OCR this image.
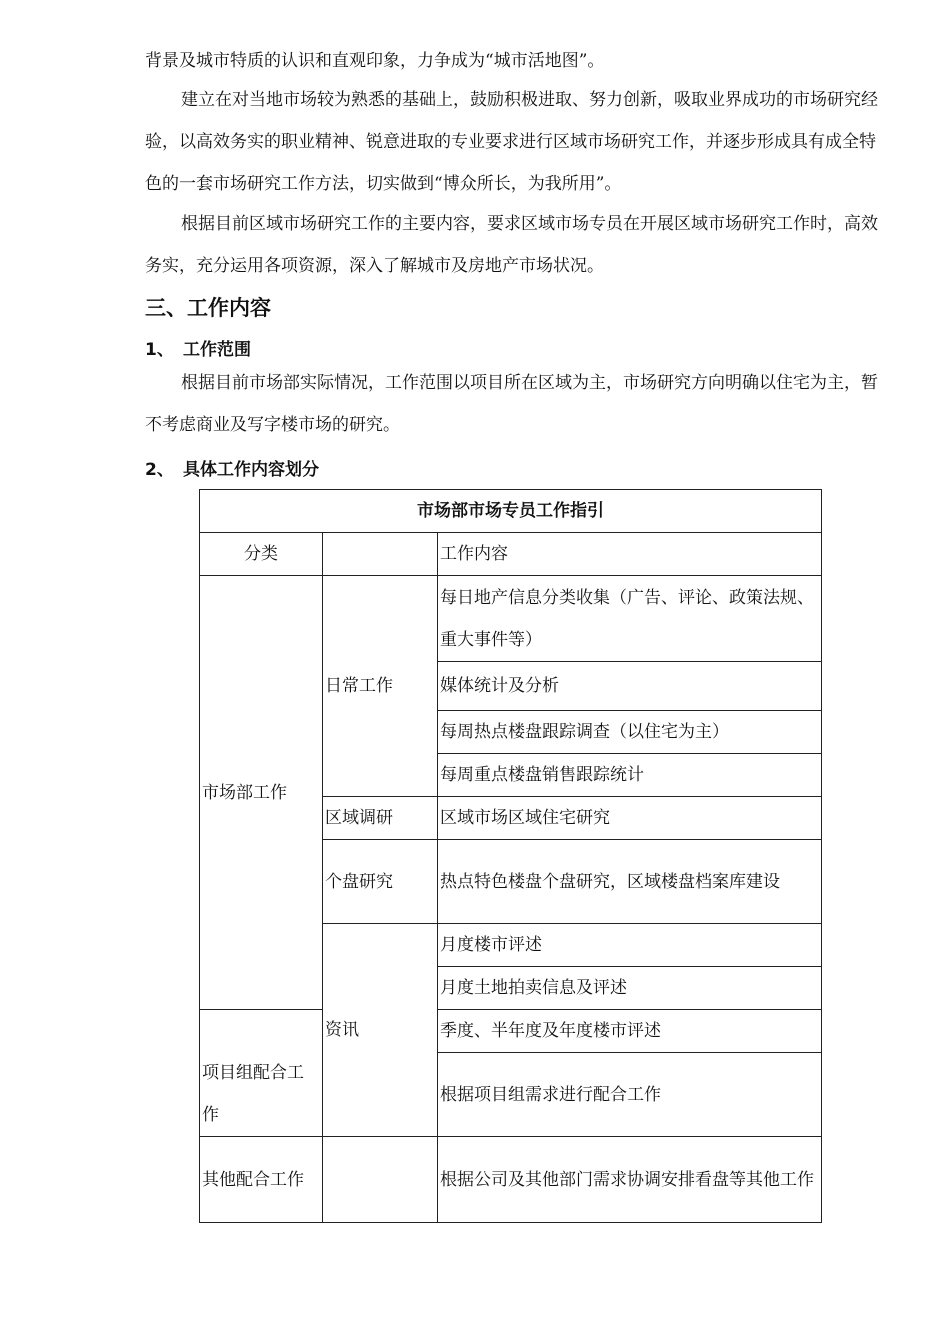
背景及城市特质的认识和直观印象，力争成为“城市活地图”。

建立在对当地市场较为熟悉的基础上，鼓励积极进取、努力创新，吸取业界成功的市场研究经验，以高效务实的职业精神、锐意进取的专业要求进行区域市场研究工作，并逐步形成具有成全特色的一套市场研究工作方法，切实做到“博众所长，为我所用”。

根据目前区域市场研究工作的主要内容，要求区域市场专员在开展区域市场研究工作时，高效务实，充分运用各项资源，深入了解城市及房地产市场状况。

三、工作内容
1、 工作范围

根据目前市场部实际情况，工作范围以项目所在区域为主，市场研究方向明确以住宅为主，暂不考虑商业及写字楼市场的研究。

2、 具体工作内容划分
市场部市场专员工作指引		
分类		工作内容
市场部工作	日常工作	每日地产信息分类收集（广告、评论、政策法规、重大事件等）
		媒体统计及分析
		每周热点楼盘跟踪调查（以住宅为主）
		每周重点楼盘销售跟踪统计
	区域调研	区域市场区域住宅研究
	个盘研究	热点特色楼盘个盘研究，区域楼盘档案库建设
	资讯	月度楼市评述
		月度土地拍卖信息及评述
项目组配合工作		季度、半年度及年度楼市评述
		根据项目组需求进行配合工作
其他配合工作		根据公司及其他部门需求协调安排看盘等其他工作
